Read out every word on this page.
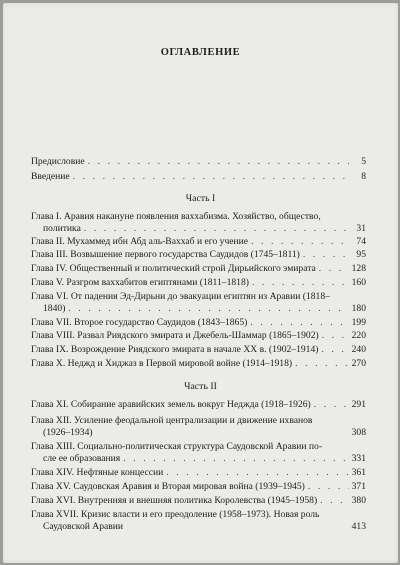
ОГЛАВЛЕНИЕ
Предисловие . . .	5
Введение . . .	8
Часть I
Глава I. Аравия накануне появления ваххабизма. Хозяйство, общество,
политика . . .	31
Глава II. Мухаммед ибн Абд аль-Ваххаб и его учение . . .	74
Глава III. Возвышение первого государства Саудидов (1745–1811) . . .	95
Глава IV. Общественный и политический строй Дирьийского эмирата . . .	128
Глава V. Разгром ваххабитов египтянами (1811–1818) . . .	160
Глава VI. От падения Эд-Дирьни до эвакуации египтян из Аравии (1818–
1840) . . .	180
Глава VII. Второе государство Саудидов (1843–1865) . . .	199
Глава VIII. Развал Риядского эмирата и Джебель-Шаммар (1865–1902) . . .	220
Глава IX. Возрождение Риядского эмирата в начале XX в. (1902–1914) . . .	240
Глава X. Неджд и Хиджаз в Первой мировой войне (1914–1918) . . .	270
Часть II
Глава XI. Собирание аравийских земель вокруг Неджда (1918–1926) . . .	291
Глава XII. Усиление феодальной централизации и движение ихванов
(1926–1934)	308
Глава XIII. Социально-политическая структура Саудовской Аравии по-
сле ее образования . . .	331
Глава XIV. Нефтяные концессии . . .	361
Глава XV. Саудовская Аравия и Вторая мировая война (1939–1945) . . .	371
Глава XVI. Внутренняя и внешняя политика Королевства (1945–1958) . . .	380
Глава XVII. Кризис власти и его преодоление (1958–1973). Новая роль
Саудовской Аравии	413
